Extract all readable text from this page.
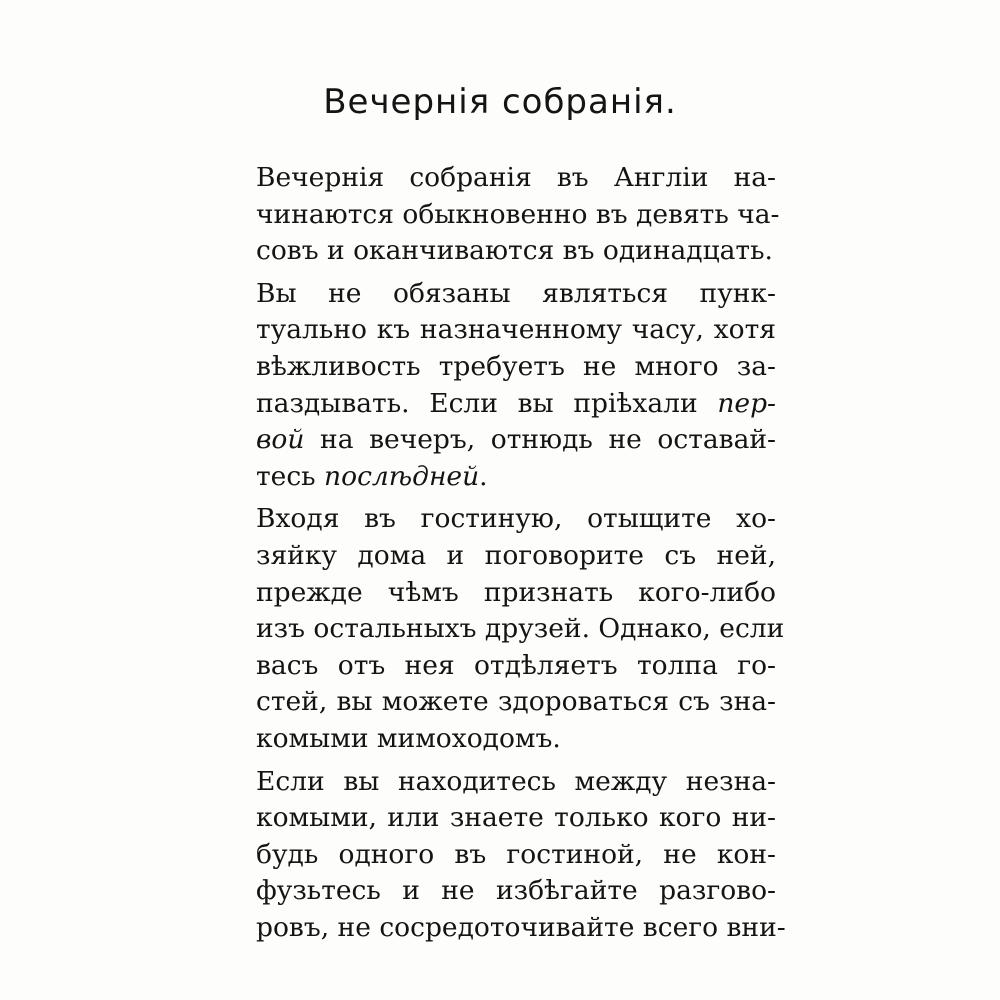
Вечернія собранія.
Вечернія собранія въ Англіи на-
чинаются обыкновенно въ девять ча-
совъ и оканчиваются въ одинадцать.
Вы не обязаны являться пунк-
туально къ назначенному часу, хотя
вѣжливость требуетъ не много за-
паздывать. Если вы пріѣхали пер-
вой на вечеръ, отнюдь не оставай-
тесь послѣдней.
Входя въ гостиную, отыщите хо-
зяйку дома и поговорите съ ней,
прежде чѣмъ признать кого-либо
изъ остальныхъ друзей. Однако, если
васъ отъ нея отдѣляетъ толпа го-
стей, вы можете здороваться съ зна-
комыми мимоходомъ.
Если вы находитесь между незна-
комыми, или знаете только кого ни-
будь одного въ гостиной, не кон-
фузьтесь и не избѣгайте разгово-
ровъ, не сосредоточивайте всего вни-
